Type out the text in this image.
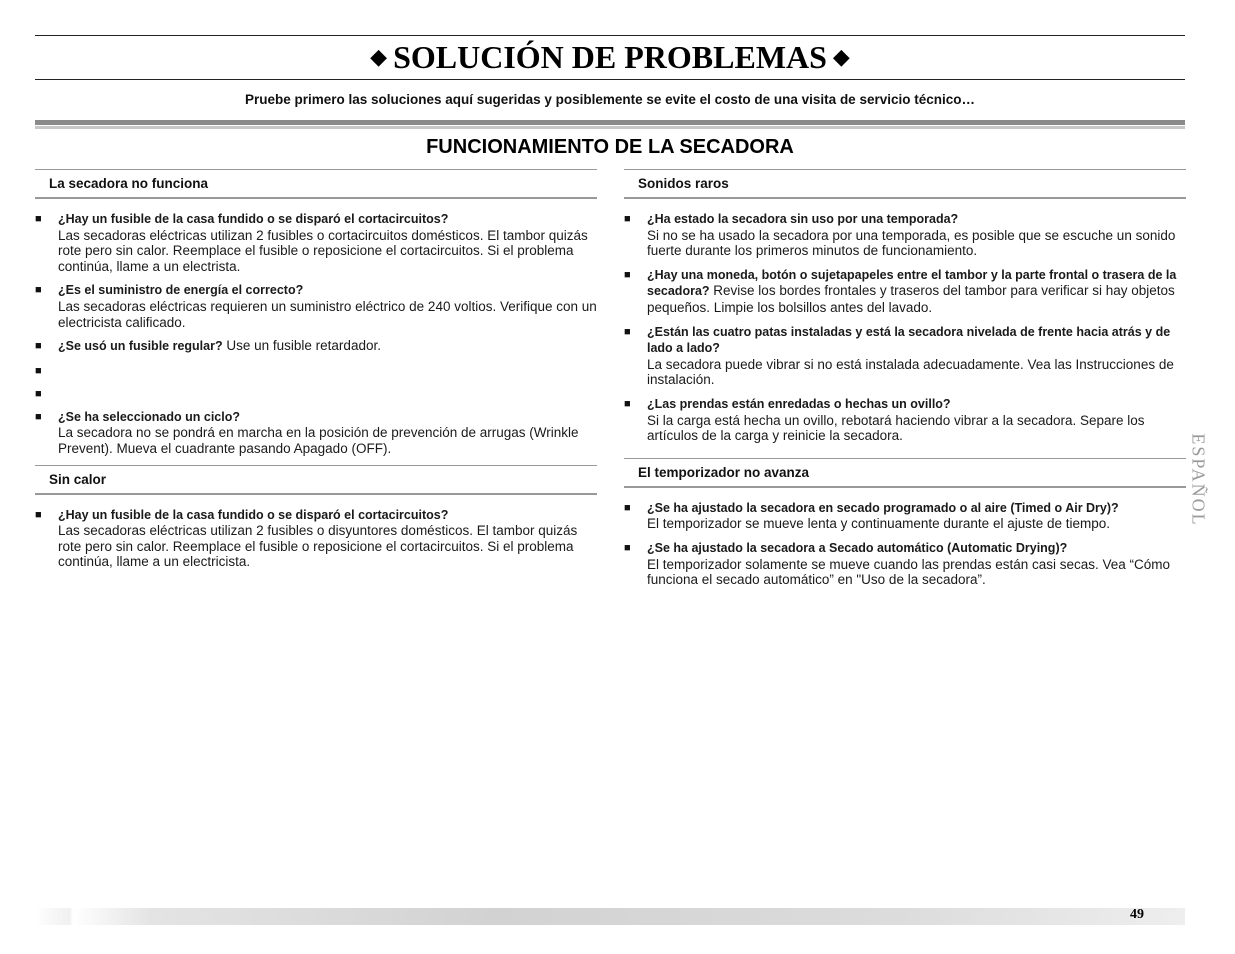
◆ SOLUCIÓN DE PROBLEMAS ◆
Pruebe primero las soluciones aquí sugeridas y posiblemente se evite el costo de una visita de servicio técnico…
FUNCIONAMIENTO DE LA SECADORA
La secadora no funciona
■ ¿Hay un fusible de la casa fundido o se disparó el cortacircuitos?
Las secadoras eléctricas utilizan 2 fusibles o cortacircuitos domésticos. El tambor quizás rote pero sin calor. Reemplace el fusible o reposicione el cortacircuitos. Si el problema continúa, llame a un electrista.
■ ¿Es el suministro de energía el correcto?
Las secadoras eléctricas requieren un suministro eléctrico de 240 voltios. Verifique con un electricista calificado.
■ ¿Se usó un fusible regular? Use un fusible retardador.
■
■
■ ¿Se ha seleccionado un ciclo?
La secadora no se pondrá en marcha en la posición de prevención de arrugas (Wrinkle Prevent). Mueva el cuadrante pasando Apagado (OFF).
Sin calor
■ ¿Hay un fusible de la casa fundido o se disparó el cortacircuitos?
Las secadoras eléctricas utilizan 2 fusibles o disyuntores domésticos. El tambor quizás rote pero sin calor. Reemplace el fusible o reposicione el cortacircuitos. Si el problema continúa, llame a un electricista.
Sonidos raros
■ ¿Ha estado la secadora sin uso por una temporada?
Si no se ha usado la secadora por una temporada, es posible que se escuche un sonido fuerte durante los primeros minutos de funcionamiento.
■ ¿Hay una moneda, botón o sujetapapeles entre el tambor y la parte frontal o trasera de la secadora? Revise los bordes frontales y traseros del tambor para verificar si hay objetos pequeños. Limpie los bolsillos antes del lavado.
■ ¿Están las cuatro patas instaladas y está la secadora nivelada de frente hacia atrás y de lado a lado?
La secadora puede vibrar si no está instalada adecuadamente. Vea las Instrucciones de instalación.
■ ¿Las prendas están enredadas o hechas un ovillo?
Si la carga está hecha un ovillo, rebotará haciendo vibrar a la secadora. Separe los artículos de la carga y reinicie la secadora.
El temporizador no avanza
■ ¿Se ha ajustado la secadora en secado programado o al aire (Timed o Air Dry)?
El temporizador se mueve lenta y continuamente durante el ajuste de tiempo.
■ ¿Se ha ajustado la secadora a Secado automático (Automatic Drying)?
El temporizador solamente se mueve cuando las prendas están casi secas. Vea “Cómo funciona el secado automático” en "Uso de la secadora”.
ESPAÑOL
49
